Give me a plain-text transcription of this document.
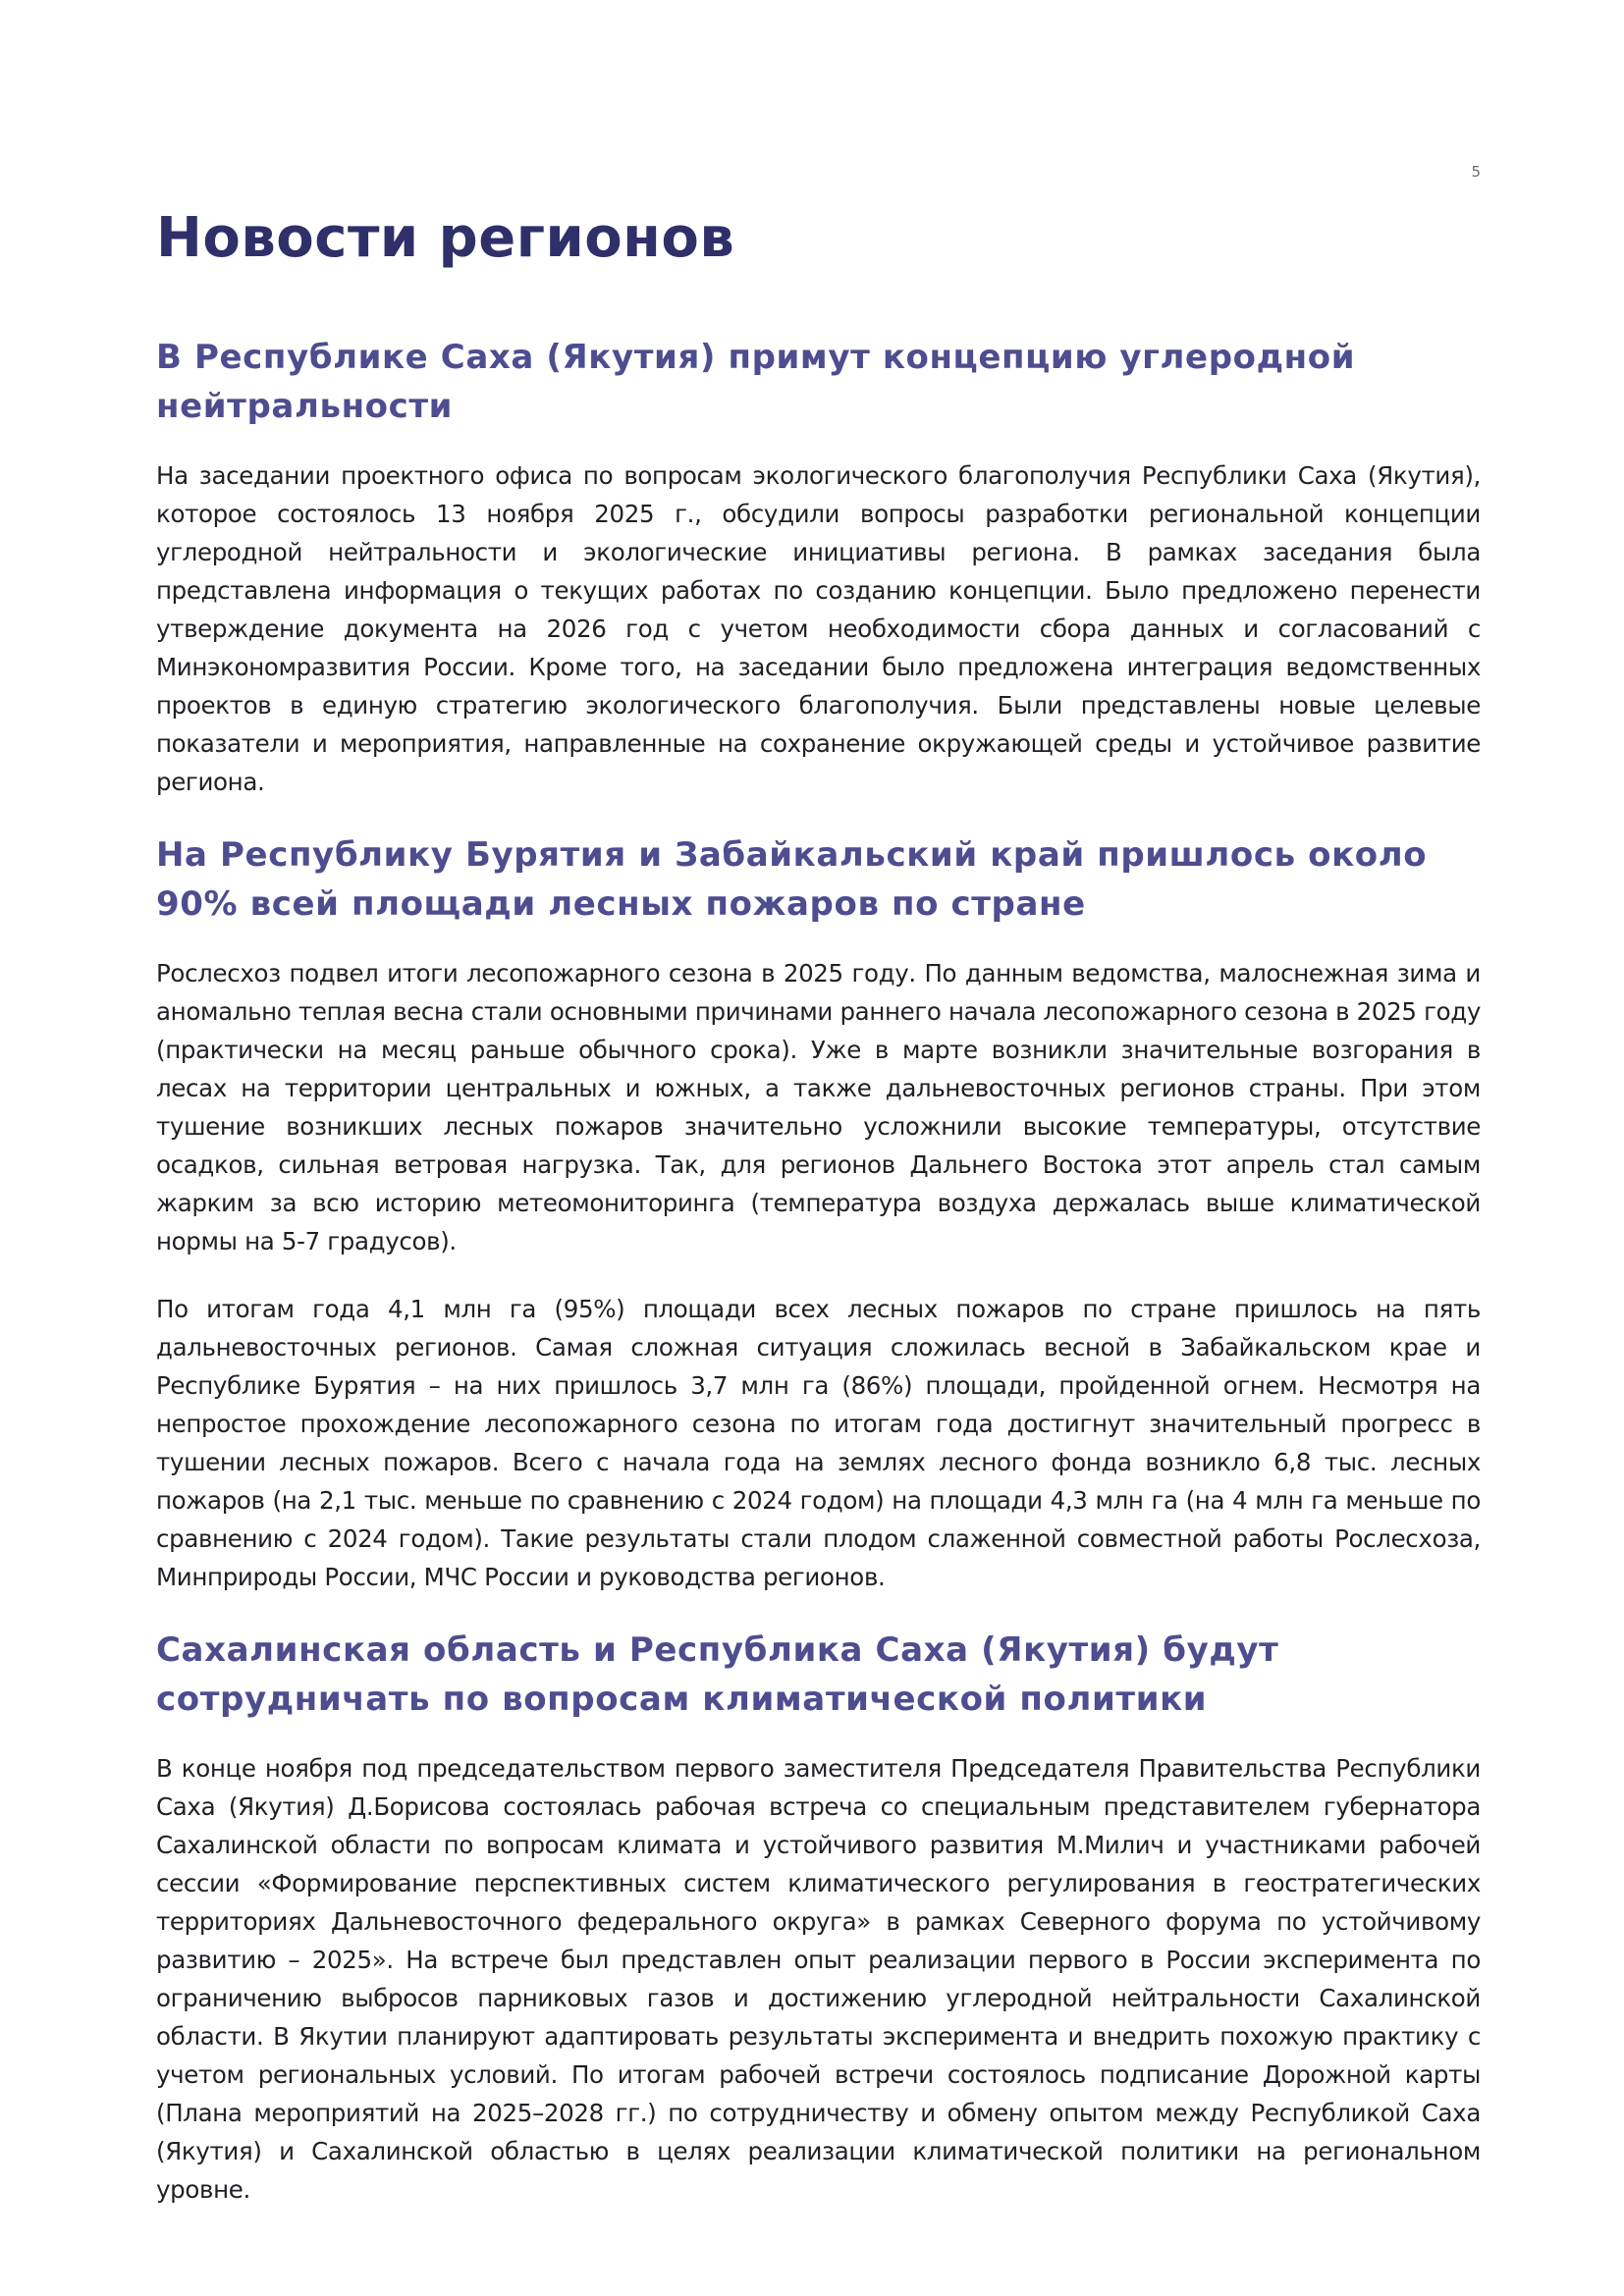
5
Новости регионов
В Республике Саха (Якутия) примут концепцию углеродной нейтральности

На заседании проектного офиса по вопросам экологического благополучия Республики Саха (Якутия), которое состоялось 13 ноября 2025 г., обсудили вопросы разработки региональной концепции углеродной нейтральности и экологические инициативы региона. В рамках заседания была представлена информация о текущих работах по созданию концепции. Было предложено перенести утверждение документа на 2026 год с учетом необходимости сбора данных и согласований с Минэкономразвития России. Кроме того, на заседании было предложена интеграция ведомственных проектов в единую стратегию экологического благополучия. Были представлены новые целевые показатели и мероприятия, направленные на сохранение окружающей среды и устойчивое развитие региона.

На Республику Бурятия и Забайкальский край пришлось около 90% всей площади лесных пожаров по стране

Рослесхоз подвел итоги лесопожарного сезона в 2025 году. По данным ведомства, малоснежная зима и аномально теплая весна стали основными причинами раннего начала лесопожарного сезона в 2025 году (практически на месяц раньше обычного срока). Уже в марте возникли значительные возгорания в лесах на территории центральных и южных, а также дальневосточных регионов страны. При этом тушение возникших лесных пожаров значительно усложнили высокие температуры, отсутствие осадков, сильная ветровая нагрузка. Так, для регионов Дальнего Востока этот апрель стал самым жарким за всю историю метеомониторинга (температура воздуха держалась выше климатической нормы на 5-7 градусов).

По итогам года 4,1 млн га (95%) площади всех лесных пожаров по стране пришлось на пять дальневосточных регионов. Самая сложная ситуация сложилась весной в Забайкальском крае и Республике Бурятия – на них пришлось 3,7 млн га (86%) площади, пройденной огнем. Несмотря на непростое прохождение лесопожарного сезона по итогам года достигнут значительный прогресс в тушении лесных пожаров. Всего с начала года на землях лесного фонда возникло 6,8 тыс. лесных пожаров (на 2,1 тыс. меньше по сравнению с 2024 годом) на площади 4,3 млн га (на 4 млн га меньше по сравнению с 2024 годом). Такие результаты стали плодом слаженной совместной работы Рослесхоза, Минприроды России, МЧС России и руководства регионов.

Сахалинская область и Республика Саха (Якутия) будут сотрудничать по вопросам климатической политики

В конце ноября под председательством первого заместителя Председателя Правительства Республики Саха (Якутия) Д.Борисова состоялась рабочая встреча со специальным представителем губернатора Сахалинской области по вопросам климата и устойчивого развития М.Милич и участниками рабочей сессии «Формирование перспективных систем климатического регулирования в геостратегических территориях Дальневосточного федерального округа» в рамках Северного форума по устойчивому развитию – 2025». На встрече был представлен опыт реализации первого в России эксперимента по ограничению выбросов парниковых газов и достижению углеродной нейтральности Сахалинской области. В Якутии планируют адаптировать результаты эксперимента и внедрить похожую практику с учетом региональных условий. По итогам рабочей встречи состоялось подписание Дорожной карты (Плана мероприятий на 2025–2028 гг.) по сотрудничеству и обмену опытом между Республикой Саха (Якутия) и Сахалинской областью в целях реализации климатической политики на региональном уровне.
